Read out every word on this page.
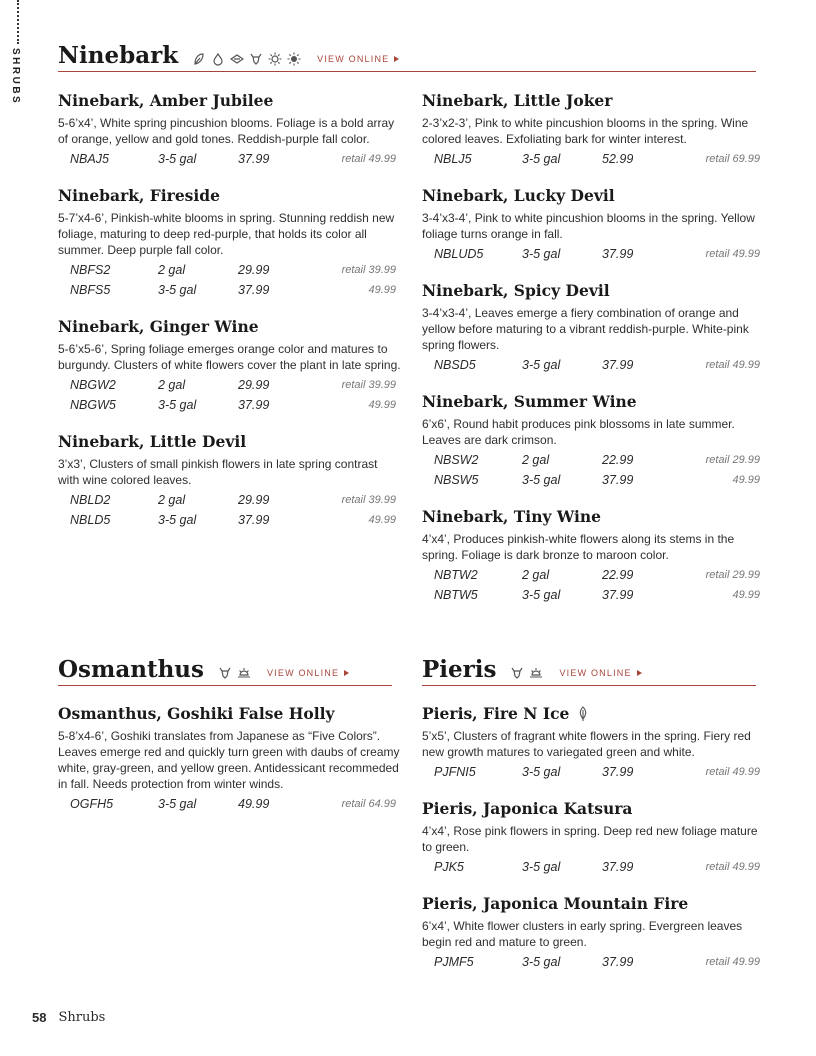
SHRUBS Ninebark	VIEW ONLINE
Ninebark, Amber Jubilee
5-6’x4’, White spring pincushion blooms. Foliage is a bold array of orange, yellow and gold tones. Reddish-purple fall color.
NBAJ5	3-5 gal	37.99	retail 49.99
Ninebark, Fireside
5-7’x4-6’, Pinkish-white blooms in spring. Stunning reddish new foliage, maturing to deep red-purple, that holds its color all summer. Deep purple fall color.
NBFS2	2 gal	29.99	retail 39.99
NBFS5	3-5 gal	37.99	49.99
Ninebark, Ginger Wine
5-6’x5-6’, Spring foliage emerges orange color and matures to burgundy. Clusters of white flowers cover the plant in late spring.
NBGW2	2 gal	29.99	retail 39.99
NBGW5	3-5 gal	37.99	49.99
Ninebark, Little Devil
3’x3’, Clusters of small pinkish flowers in late spring contrast with wine colored leaves.
NBLD2	2 gal	29.99	retail 39.99
NBLD5	3-5 gal	37.99	49.99
Ninebark, Little Joker
2-3’x2-3’, Pink to white pincushion blooms in the spring. Wine colored leaves. Exfoliating bark for winter interest.
NBLJ5	3-5 gal	52.99	retail 69.99
Ninebark, Lucky Devil
3-4’x3-4’, Pink to white pincushion blooms in the spring. Yellow foliage turns orange in fall.
NBLUD5	3-5 gal	37.99	retail 49.99
Ninebark, Spicy Devil
3-4’x3-4’, Leaves emerge a fiery combination of orange and yellow before maturing to a vibrant reddish-purple. White-pink spring flowers.
NBSD5	3-5 gal	37.99	retail 49.99
Ninebark, Summer Wine
6’x6’, Round habit produces pink blossoms in late summer. Leaves are dark crimson.
NBSW2	2 gal	22.99	retail 29.99
NBSW5	3-5 gal	37.99	49.99
Ninebark, Tiny Wine
4’x4’, Produces pinkish-white flowers along its stems in the spring. Foliage is dark bronze to maroon color.
NBTW2	2 gal	22.99	retail 29.99
NBTW5	3-5 gal	37.99	49.99
Osmanthus	VIEW ONLINE
Osmanthus, Goshiki False Holly
5-8’x4-6’, Goshiki translates from Japanese as “Five Colors”. Leaves emerge red and quickly turn green with daubs of creamy white, gray-green, and yellow green. Antidessicant recommeded in fall. Needs protection from winter winds.
OGFH5	3-5 gal	49.99	retail 64.99
Pieris	VIEW ONLINE
Pieris, Fire N Ice
5’x5’, Clusters of fragrant white flowers in the spring. Fiery red new growth matures to variegated green and white.
PJFNI5	3-5 gal	37.99	retail 49.99
Pieris, Japonica Katsura
4’x4’, Rose pink flowers in spring. Deep red new foliage mature to green.
PJK5	3-5 gal	37.99	retail 49.99
Pieris, Japonica Mountain Fire
6’x4’, White flower clusters in early spring. Evergreen leaves begin red and mature to green.
PJMF5	3-5 gal	37.99	retail 49.99
58 Shrubs
